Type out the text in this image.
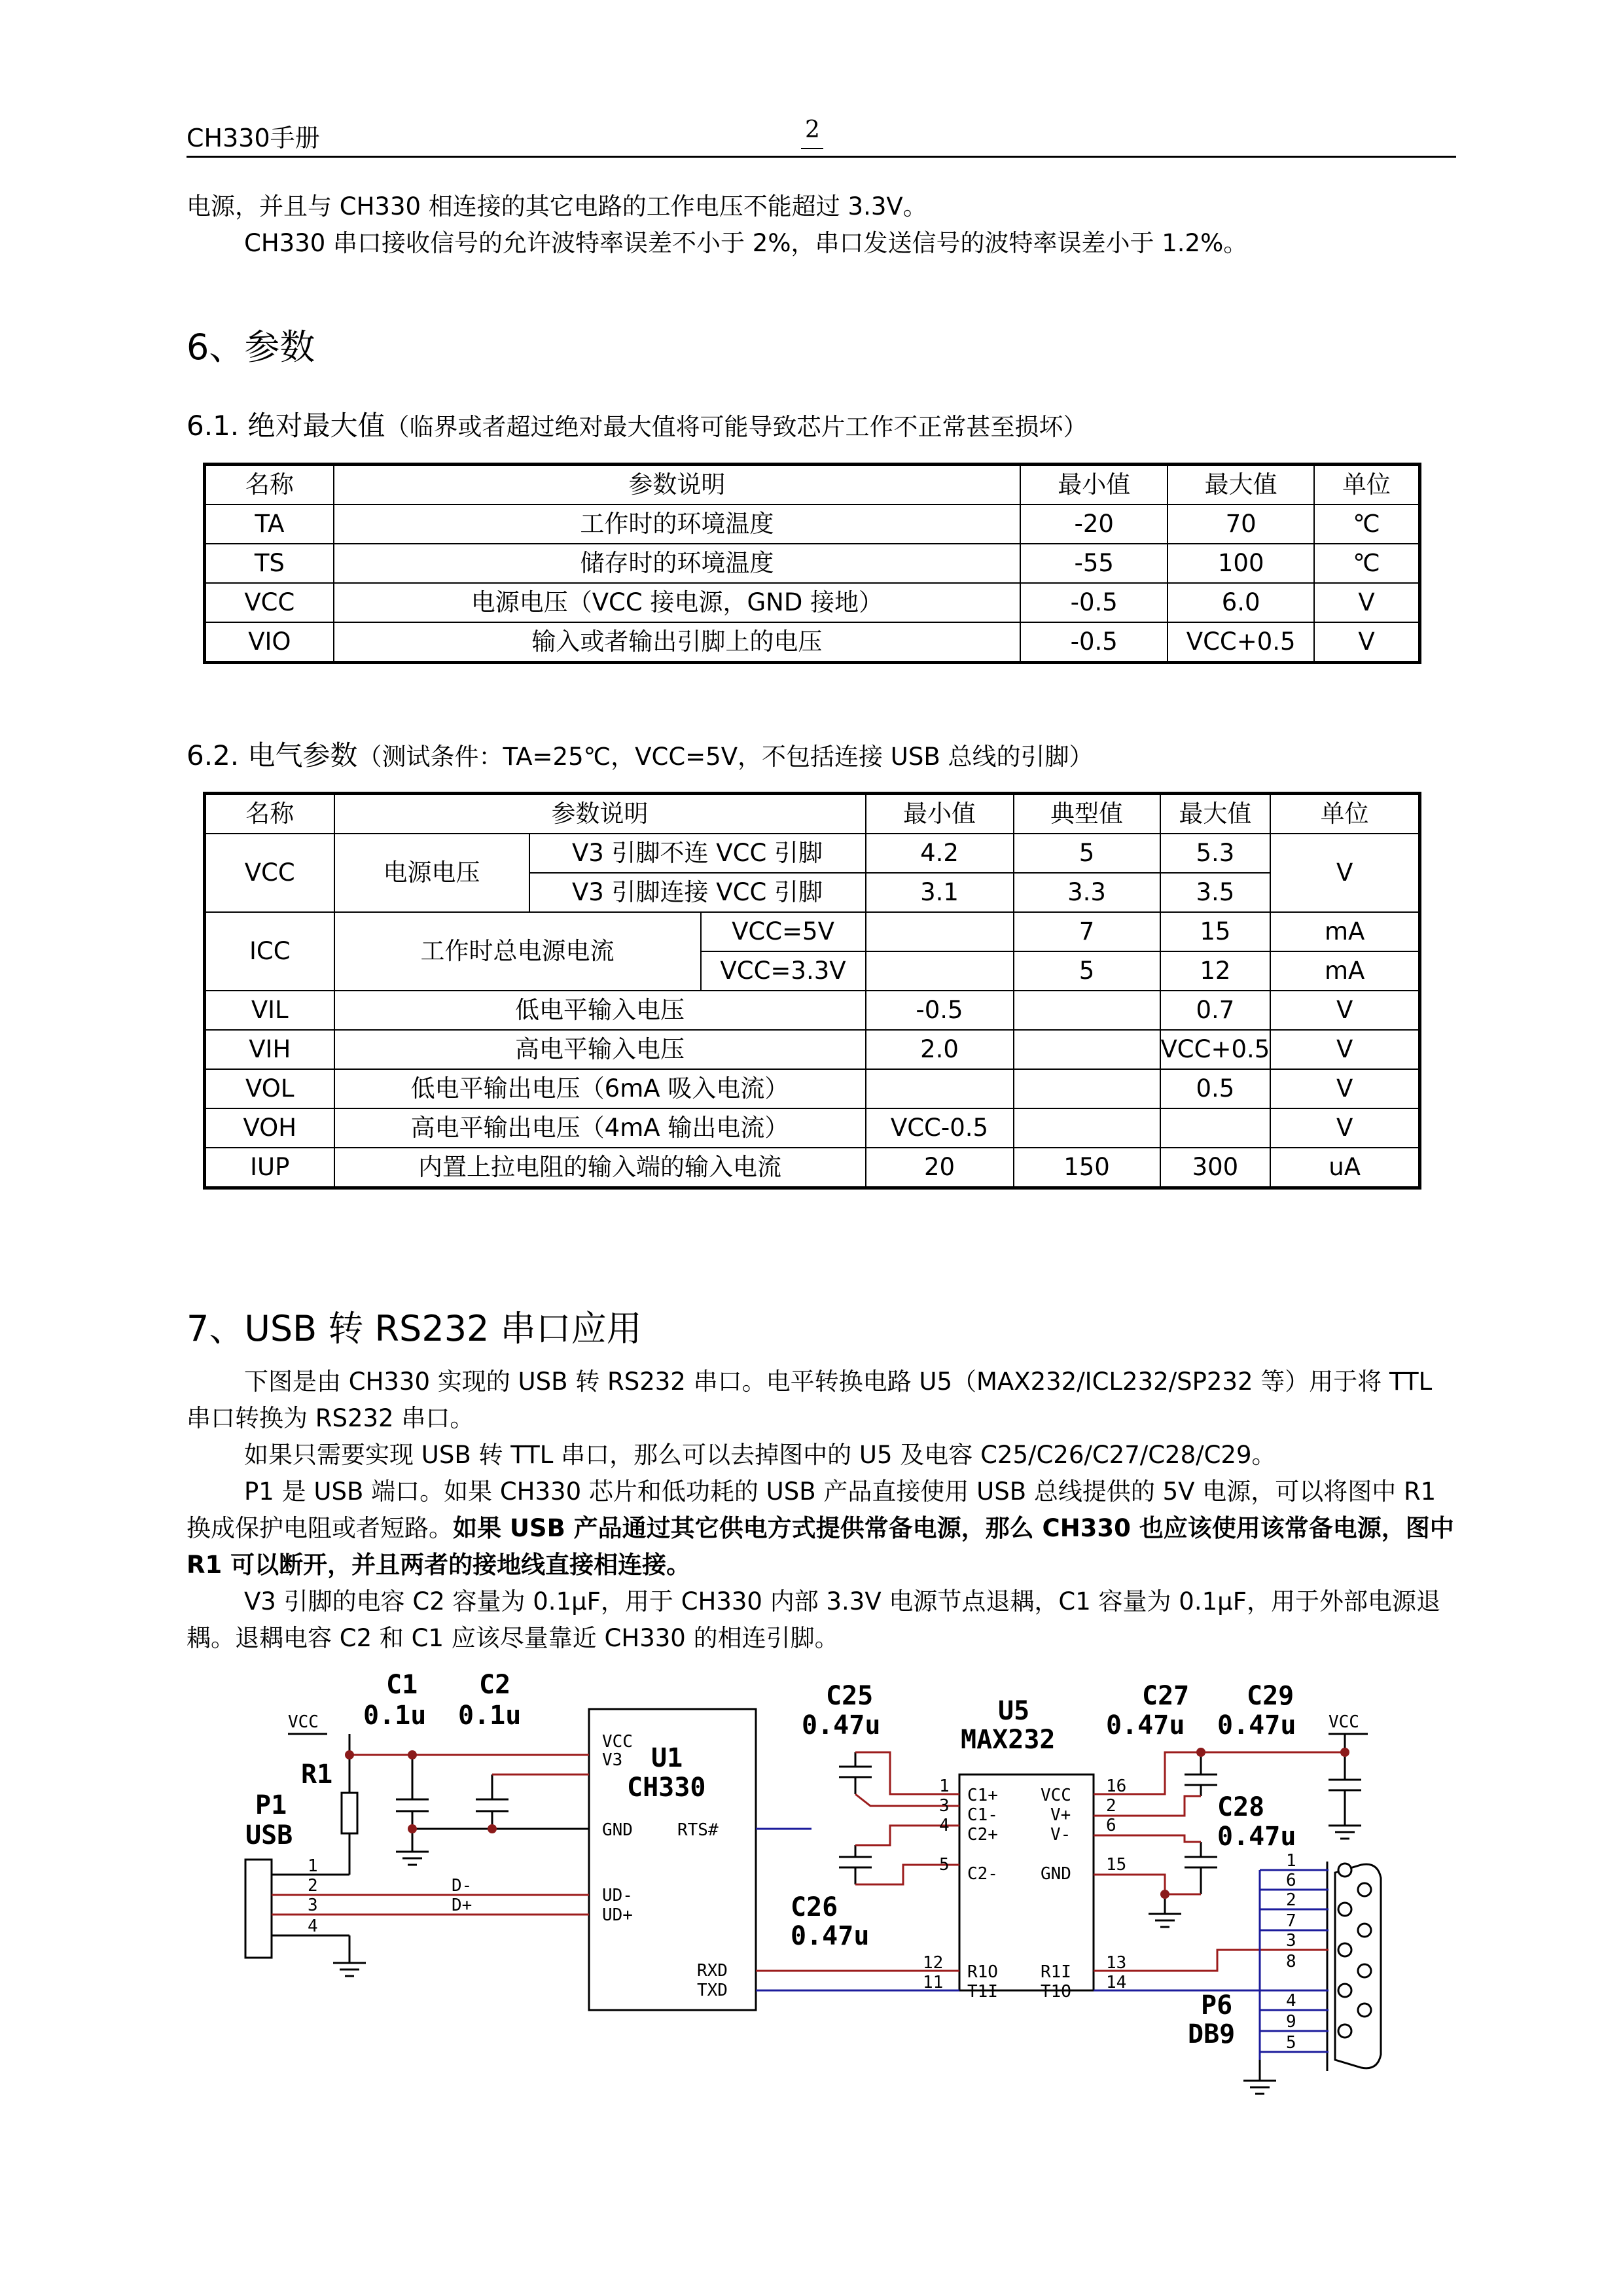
CH330手册	2
电源，并且与 CH330 相连接的其它电路的工作电压不能超过 3.3V。
CH330 串口接收信号的允许波特率误差不小于 2%，串口发送信号的波特率误差小于 1.2%。
6、参数
6.1. 绝对最大值（临界或者超过绝对最大值将可能导致芯片工作不正常甚至损坏）
名称	参数说明	最小值	最大值	单位
TA	工作时的环境温度	-20	70	℃
TS	储存时的环境温度	-55	100	℃
VCC	电源电压（VCC 接电源，GND 接地）	-0.5	6.0	V
VIO	输入或者输出引脚上的电压	-0.5	VCC+0.5	V
6.2. 电气参数（测试条件：TA=25℃，VCC=5V，不包括连接 USB 总线的引脚）
名称	参数说明			最小值	典型值	最大值	单位
VCC	电源电压	V3 引脚不连 VCC 引脚		4.2	5	5.3	V
		V3 引脚连接 VCC 引脚		3.1	3.3	3.5	
ICC	工作时总电源电流		VCC=5V		7	15	mA
			VCC=3.3V		5	12	mA
VIL	低电平输入电压			-0.5		0.7	V
VIH	高电平输入电压			2.0		VCC+0.5	V
VOL	低电平输出电压（6mA 吸入电流）					0.5	V
VOH	高电平输出电压（4mA 输出电流）			VCC-0.5			V
IUP	内置上拉电阻的输入端的输入电流			20	150	300	uA
7、USB 转 RS232 串口应用
下图是由 CH330 实现的 USB 转 RS232 串口。电平转换电路 U5（MAX232/ICL232/SP232 等）用于将 TTL 串口转换为 RS232 串口。
如果只需要实现 USB 转 TTL 串口，那么可以去掉图中的 U5 及电容 C25/C26/C27/C28/C29。
P1 是 USB 端口。如果 CH330 芯片和低功耗的 USB 产品直接使用 USB 总线提供的 5V 电源，可以将图中 R1 换成保护电阻或者短路。如果 USB 产品通过其它供电方式提供常备电源，那么 CH330 也应该使用该常备电源，图中 R1 可以断开，并且两者的接地线直接相连接。
V3 引脚的电容 C2 容量为 0.1μF，用于 CH330 内部 3.3V 电源节点退耦，C1 容量为 0.1μF，用于外部电源退耦。退耦电容 C2 和 C1 应该尽量靠近 CH330 的相连引脚。
VCC	VCC
R1
P1
USB
1
2
3
4
C1
0.1u
C2
0.1u
D-
D+
VCC
V3 U1
CH330
GND	RTS#
UD-
UD+
RXD
TXD
C25
0.47u
C26
0.47u
U5
MAX232
C27
0.47u
C29
0.47u
C28
0.47u
C1+
C1-
C2+
C2-
R1O
T1I
VCC
V+
V-
GND
R1I
T1O
1
3
4
5
12
11
16
2
6
15
13
14
1
6
2
7
3
8
4
9
5
P6
DB9
